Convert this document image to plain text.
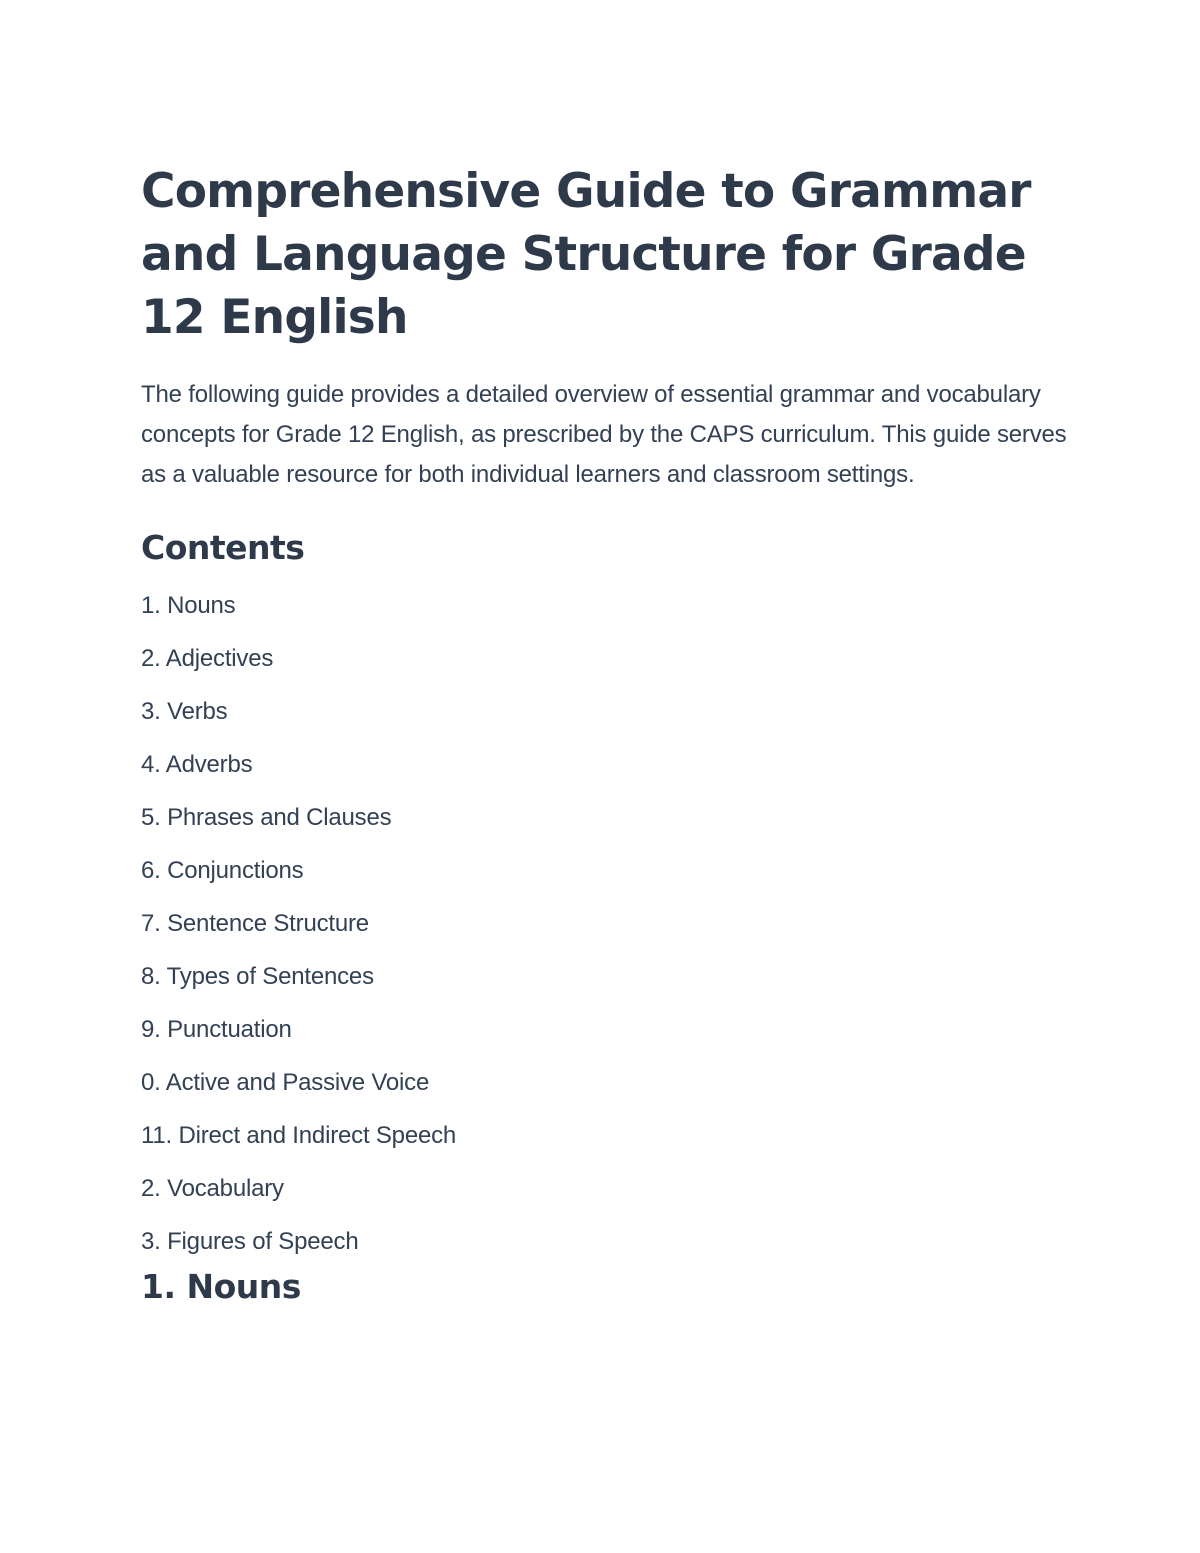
Comprehensive Guide to Grammar and Language Structure for Grade 12 English

The following guide provides a detailed overview of essential grammar and vocabulary concepts for Grade 12 English, as prescribed by the CAPS curriculum. This guide serves as a valuable resource for both individual learners and classroom settings.

Contents
1. Nouns
2. Adjectives
3. Verbs
4. Adverbs
5. Phrases and Clauses
6. Conjunctions
7. Sentence Structure
8. Types of Sentences
9. Punctuation
0. Active and Passive Voice
11. Direct and Indirect Speech
2. Vocabulary
3. Figures of Speech
1. Nouns
